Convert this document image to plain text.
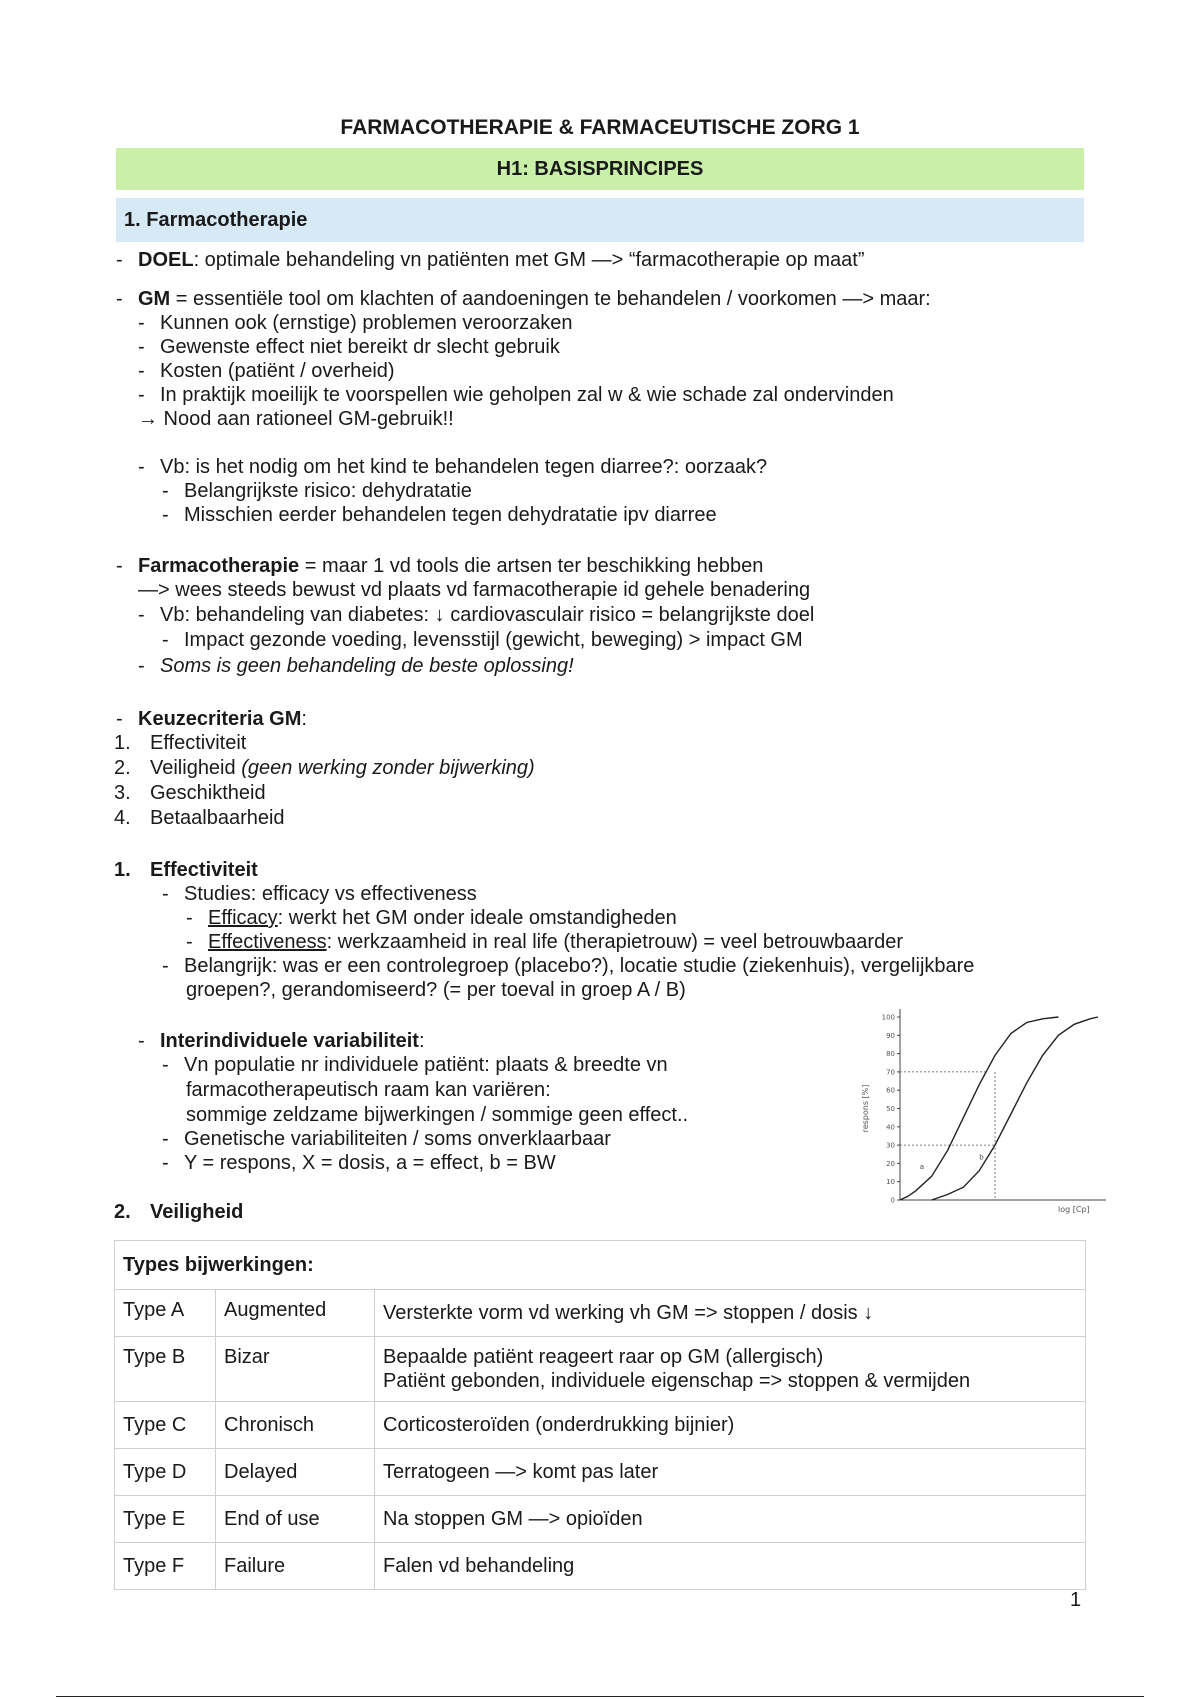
FARMACOTHERAPIE & FARMACEUTISCHE ZORG 1
H1: BASISPRINCIPES
1. Farmacotherapie
- DOEL: optimale behandeling vn patiënten met GM —> “farmacotherapie op maat”
- GM = essentiële tool om klachten of aandoeningen te behandelen / voorkomen —> maar:
- Kunnen ook (ernstige) problemen veroorzaken
- Gewenste effect niet bereikt dr slecht gebruik
- Kosten (patiënt / overheid)
- In praktijk moeilijk te voorspellen wie geholpen zal w & wie schade zal ondervinden
→ Nood aan rationeel GM-gebruik!!
- Vb: is het nodig om het kind te behandelen tegen diarree?: oorzaak?
- Belangrijkste risico: dehydratatie
- Misschien eerder behandelen tegen dehydratatie ipv diarree
- Farmacotherapie = maar 1 vd tools die artsen ter beschikking hebben
—> wees steeds bewust vd plaats vd farmacotherapie id gehele benadering
- Vb: behandeling van diabetes: ↓ cardiovasculair risico = belangrijkste doel
- Impact gezonde voeding, levensstijl (gewicht, beweging) > impact GM
- Soms is geen behandeling de beste oplossing!
- Keuzecriteria GM:
1. Effectiviteit
2. Veiligheid (geen werking zonder bijwerking)
3. Geschiktheid
4. Betaalbaarheid
1. Effectiviteit
- Studies: efficacy vs effectiveness
- Efficacy: werkt het GM onder ideale omstandigheden
- Effectiveness: werkzaamheid in real life (therapietrouw) = veel betrouwbaarder
- Belangrijk: was er een controlegroep (placebo?), locatie studie (ziekenhuis), vergelijkbare
groepen?, gerandomiseerd? (= per toeval in groep A / B)
- Interindividuele variabiliteit:
- Vn populatie nr individuele patiënt: plaats & breedte vn
farmacotherapeutisch raam kan variëren:
sommige zeldzame bijwerkingen / sommige geen effect..
- Genetische variabiliteiten / soms onverklaarbaar
- Y = respons, X = dosis, a = effect, b = BW
0
10
20
30
40
50
60
70
80
90
100
respons [%]
log [Cp]
a
b
2. Veiligheid
Types bijwerkingen:		
Type A	Augmented	Versterkte vorm vd werking vh GM => stoppen / dosis ↓
Type B	Bizar	Bepaalde patiënt reageert raar op GM (allergisch)
Patiënt gebonden, individuele eigenschap => stoppen & vermijden

Type C	Chronisch	Corticosteroïden (onderdrukking bijnier)
Type D	Delayed	Terratogeen —> komt pas later
Type E	End of use	Na stoppen GM —> opioïden
Type F	Failure	Falen vd behandeling
1
